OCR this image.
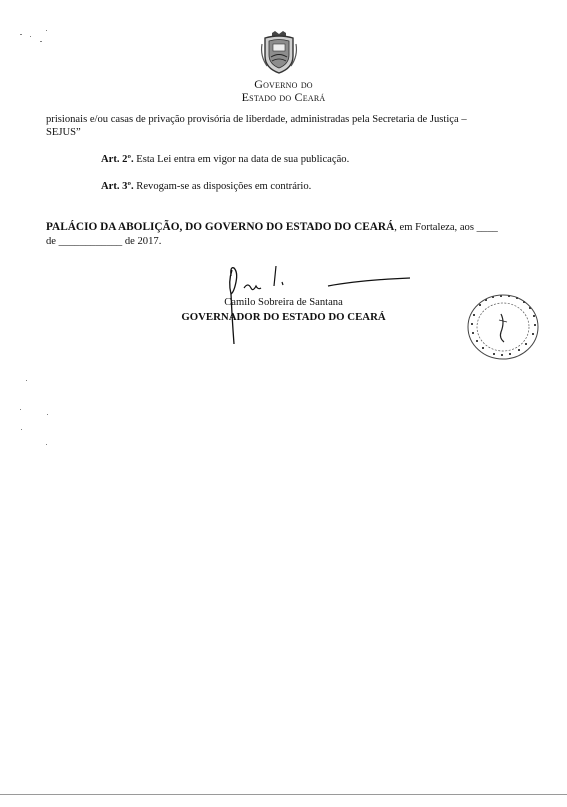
Governo do
Estado do Ceará
prisionais e/ou casas de privação provisória de liberdade, administradas pela Secretaria de Justiça –
SEJUS”
Art. 2º. Esta Lei entra em vigor na data de sua publicação.
Art. 3º. Revogam-se as disposições em contrário.
PALÁCIO DA ABOLIÇÃO, DO GOVERNO DO ESTADO DO CEARÁ, em Fortaleza, aos ____
de ____________ de 2017.
Camilo Sobreira de Santana
GOVERNADOR DO ESTADO DO CEARÁ
